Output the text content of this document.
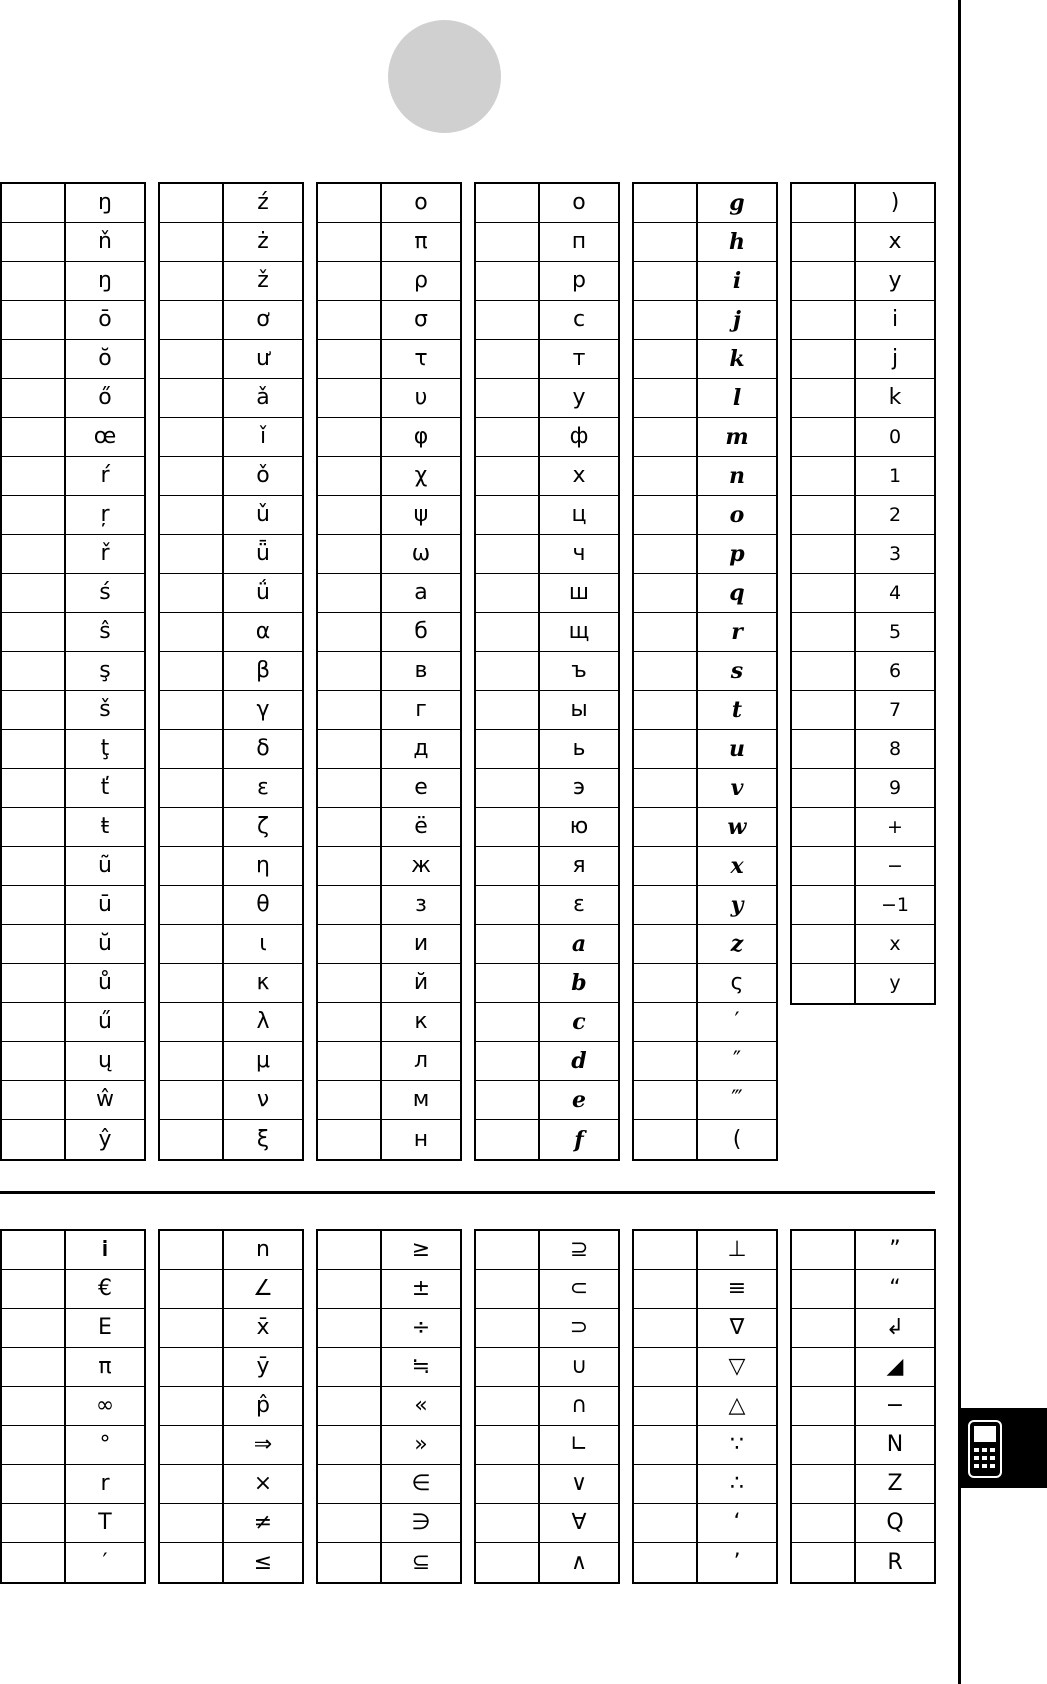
ŋ
ň
ŋ
ō
ŏ
ő
œ
ŕ
ŗ
ř
ś
ŝ
ş
š
ţ
ť
ŧ
ũ
ū
ŭ
ů
ű
ų
ŵ
ŷ
ź
ż
ž
ơ
ư
ǎ
ǐ
ǒ
ǔ
ǖ
ǘ
α
β
γ
δ
ε
ζ
η
θ
ι
κ
λ
μ
ν
ξ
ο
π
ρ
σ
τ
υ
φ
χ
ψ
ω
а
б
в
г
д
е
ё
ж
з
и
й
к
л
м
н
о
п
р
с
т
у
ф
х
ц
ч
ш
щ
ъ
ы
ь
э
ю
я
ɛ
a
b
c
d
e
f
g
h
i
j
k
l
m
n
o
p
q
r
s
t
u
v
w
x
y
z
ς
′
″
‴
(
)
x
y
i
j
k
0
1
2
3
4
5
6
7
8
9
+
−
−1
x
y
𝐢
€
E
π
∞
°
r
T
′
n
∠
x̄
ȳ
p̂
⇒
×
≠
≤
≥
±
÷
≒
«
»
∈
∋
⊆
⊇
⊂
⊃
∪
∩
∟
∨
∀
∧
⊥
≡
∇
▽
△
∵
∴
‘
’
”
“
↲
◢
−
N
Z
Q
R
